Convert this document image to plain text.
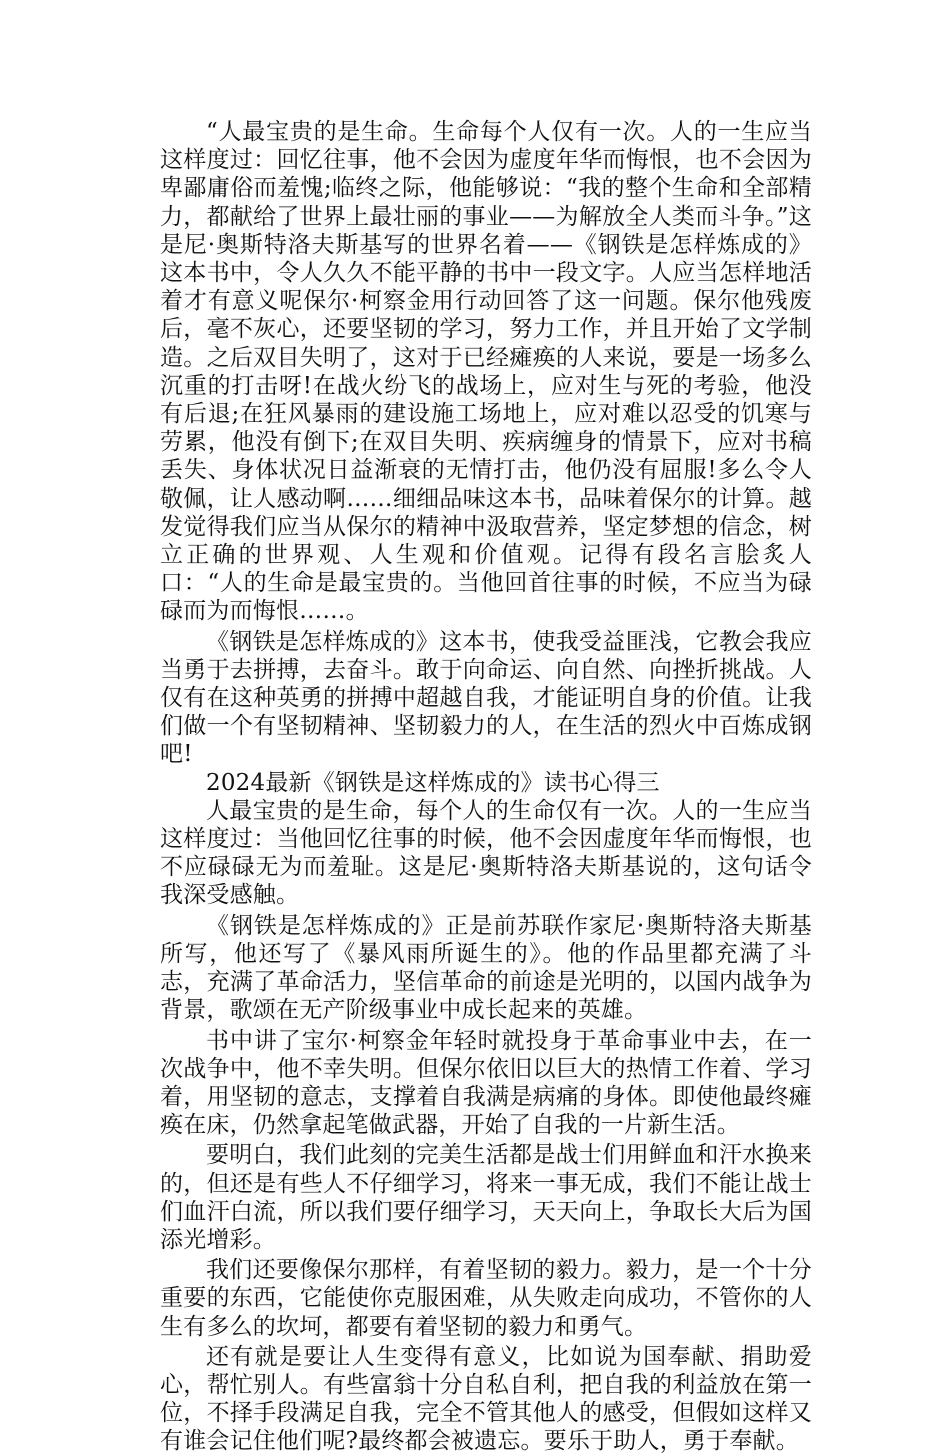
“人最宝贵的是生命。生命每个人仅有一次。人的一生应当这样度过：回忆往事，他不会因为虚度年华而悔恨，也不会因为卑鄙庸俗而羞愧;临终之际，他能够说：“我的整个生命和全部精力，都献给了世界上最壮丽的事业——为解放全人类而斗争。”这是尼·奥斯特洛夫斯基写的世界名着——《钢铁是怎样炼成的》这本书中，令人久久不能平静的书中一段文字。人应当怎样地活着才有意义呢保尔·柯察金用行动回答了这一问题。保尔他残废后，毫不灰心，还要坚韧的学习，努力工作，并且开始了文学制造。之后双目失明了，这对于已经瘫痪的人来说，要是一场多么沉重的打击呀!在战火纷飞的战场上，应对生与死的考验，他没有后退;在狂风暴雨的建设施工场地上，应对难以忍受的饥寒与劳累，他没有倒下;在双目失明、疾病缠身的情景下，应对书稿丢失、身体状况日益渐衰的无情打击，他仍没有屈服!多么令人敬佩，让人感动啊……细细品味这本书，品味着保尔的计算。越发觉得我们应当从保尔的精神中汲取营养，坚定梦想的信念，树立正确的世界观、人生观和价值观。记得有段名言脍炙人口：“人的生命是最宝贵的。当他回首往事的时候，不应当为碌碌而为而悔恨……。

《钢铁是怎样炼成的》这本书，使我受益匪浅，它教会我应当勇于去拼搏，去奋斗。敢于向命运、向自然、向挫折挑战。人仅有在这种英勇的拼搏中超越自我，才能证明自身的价值。让我们做一个有坚韧精神、坚韧毅力的人，在生活的烈火中百炼成钢吧!

2024最新《钢铁是这样炼成的》读书心得三

人最宝贵的是生命，每个人的生命仅有一次。人的一生应当这样度过：当他回忆往事的时候，他不会因虚度年华而悔恨，也不应碌碌无为而羞耻。这是尼·奥斯特洛夫斯基说的，这句话令我深受感触。

《钢铁是怎样炼成的》正是前苏联作家尼·奥斯特洛夫斯基所写，他还写了《暴风雨所诞生的》。他的作品里都充满了斗志，充满了革命活力，坚信革命的前途是光明的，以国内战争为背景，歌颂在无产阶级事业中成长起来的英雄。

书中讲了宝尔·柯察金年轻时就投身于革命事业中去，在一次战争中，他不幸失明。但保尔依旧以巨大的热情工作着、学习着，用坚韧的意志，支撑着自我满是病痛的身体。即使他最终瘫痪在床，仍然拿起笔做武器，开始了自我的一片新生活。

要明白，我们此刻的完美生活都是战士们用鲜血和汗水换来的，但还是有些人不仔细学习，将来一事无成，我们不能让战士们血汗白流，所以我们要仔细学习，天天向上，争取长大后为国添光增彩。

我们还要像保尔那样，有着坚韧的毅力。毅力，是一个十分重要的东西，它能使你克服困难，从失败走向成功，不管你的人生有多么的坎坷，都要有着坚韧的毅力和勇气。

还有就是要让人生变得有意义，比如说为国奉献、捐助爱心，帮忙别人。有些富翁十分自私自利，把自我的利益放在第一位，不择手段满足自我，完全不管其他人的感受，但假如这样又有谁会记住他们呢?最终都会被遗忘。要乐于助人，勇于奉献。
